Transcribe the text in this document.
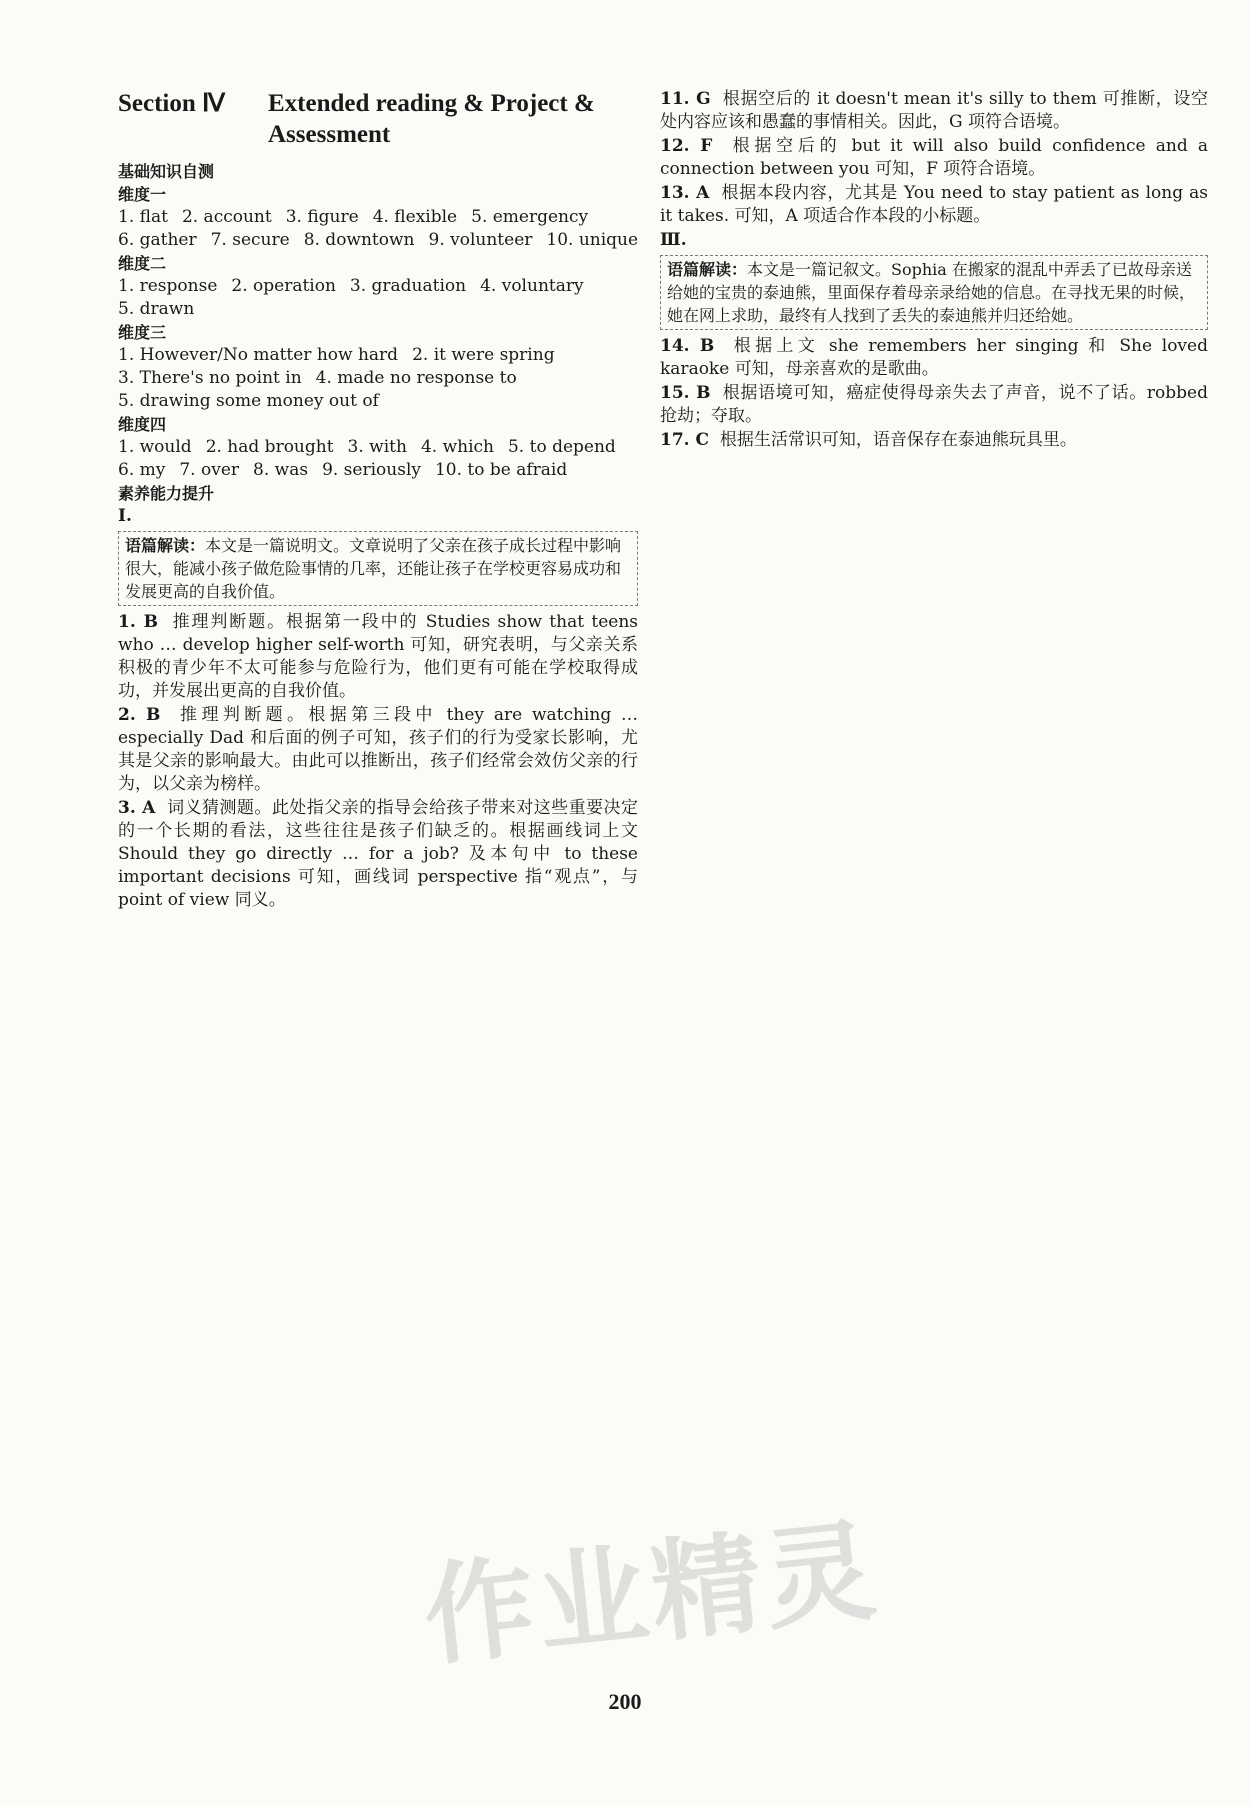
Section Ⅳ	Extended reading & Project & Assessment
基础知识自测
维度一
1. flat 2. account 3. figure 4. flexible 5. emergency
6. gather 7. secure 8. downtown 9. volunteer 10. unique
维度二
1. response 2. operation 3. graduation 4. voluntary
5. drawn
维度三
1. However/No matter how hard 2. it were spring
3. There's no point in 4. made no response to
5. drawing some money out of
维度四
1. would 2. had brought 3. with 4. which 5. to depend
6. my 7. over 8. was 9. seriously 10. to be afraid
素养能力提升
Ⅰ.
语篇解读：本文是一篇说明文。文章说明了父亲在孩子成长过程中影响很大，能减小孩子做危险事情的几率，还能让孩子在学校更容易成功和发展更高的自我价值。

1. B 推理判断题。根据第一段中的 Studies show that teens who … develop higher self-worth 可知，研究表明，与父亲关系积极的青少年不太可能参与危险行为，他们更有可能在学校取得成功，并发展出更高的自我价值。

2. B 推理判断题。根据第三段中 they are watching … especially Dad 和后面的例子可知，孩子们的行为受家长影响，尤其是父亲的影响最大。由此可以推断出，孩子们经常会效仿父亲的行为，以父亲为榜样。

3. A 词义猜测题。此处指父亲的指导会给孩子带来对这些重要决定的一个长期的看法，这些往往是孩子们缺乏的。根据画线词上文 Should they go directly … for a job? 及本句中 to these important decisions 可知，画线词 perspective 指“观点”，与 point of view 同义。

11. G 根据空后的 it doesn't mean it's silly to them 可推断，设空处内容应该和愚蠢的事情相关。因此，G 项符合语境。

12. F 根据空后的 but it will also build confidence and a connection between you 可知，F 项符合语境。

13. A 根据本段内容，尤其是 You need to stay patient as long as it takes. 可知，A 项适合作本段的小标题。

Ⅲ.
语篇解读：本文是一篇记叙文。Sophia 在搬家的混乱中弄丢了已故母亲送给她的宝贵的泰迪熊，里面保存着母亲录给她的信息。在寻找无果的时候，她在网上求助，最终有人找到了丢失的泰迪熊并归还给她。

14. B 根据上文 she remembers her singing 和 She loved karaoke 可知，母亲喜欢的是歌曲。

15. B 根据语境可知，癌症使得母亲失去了声音，说不了话。robbed 抢劫；夺取。

17. C 根据生活常识可知，语音保存在泰迪熊玩具里。

作业精灵
200
